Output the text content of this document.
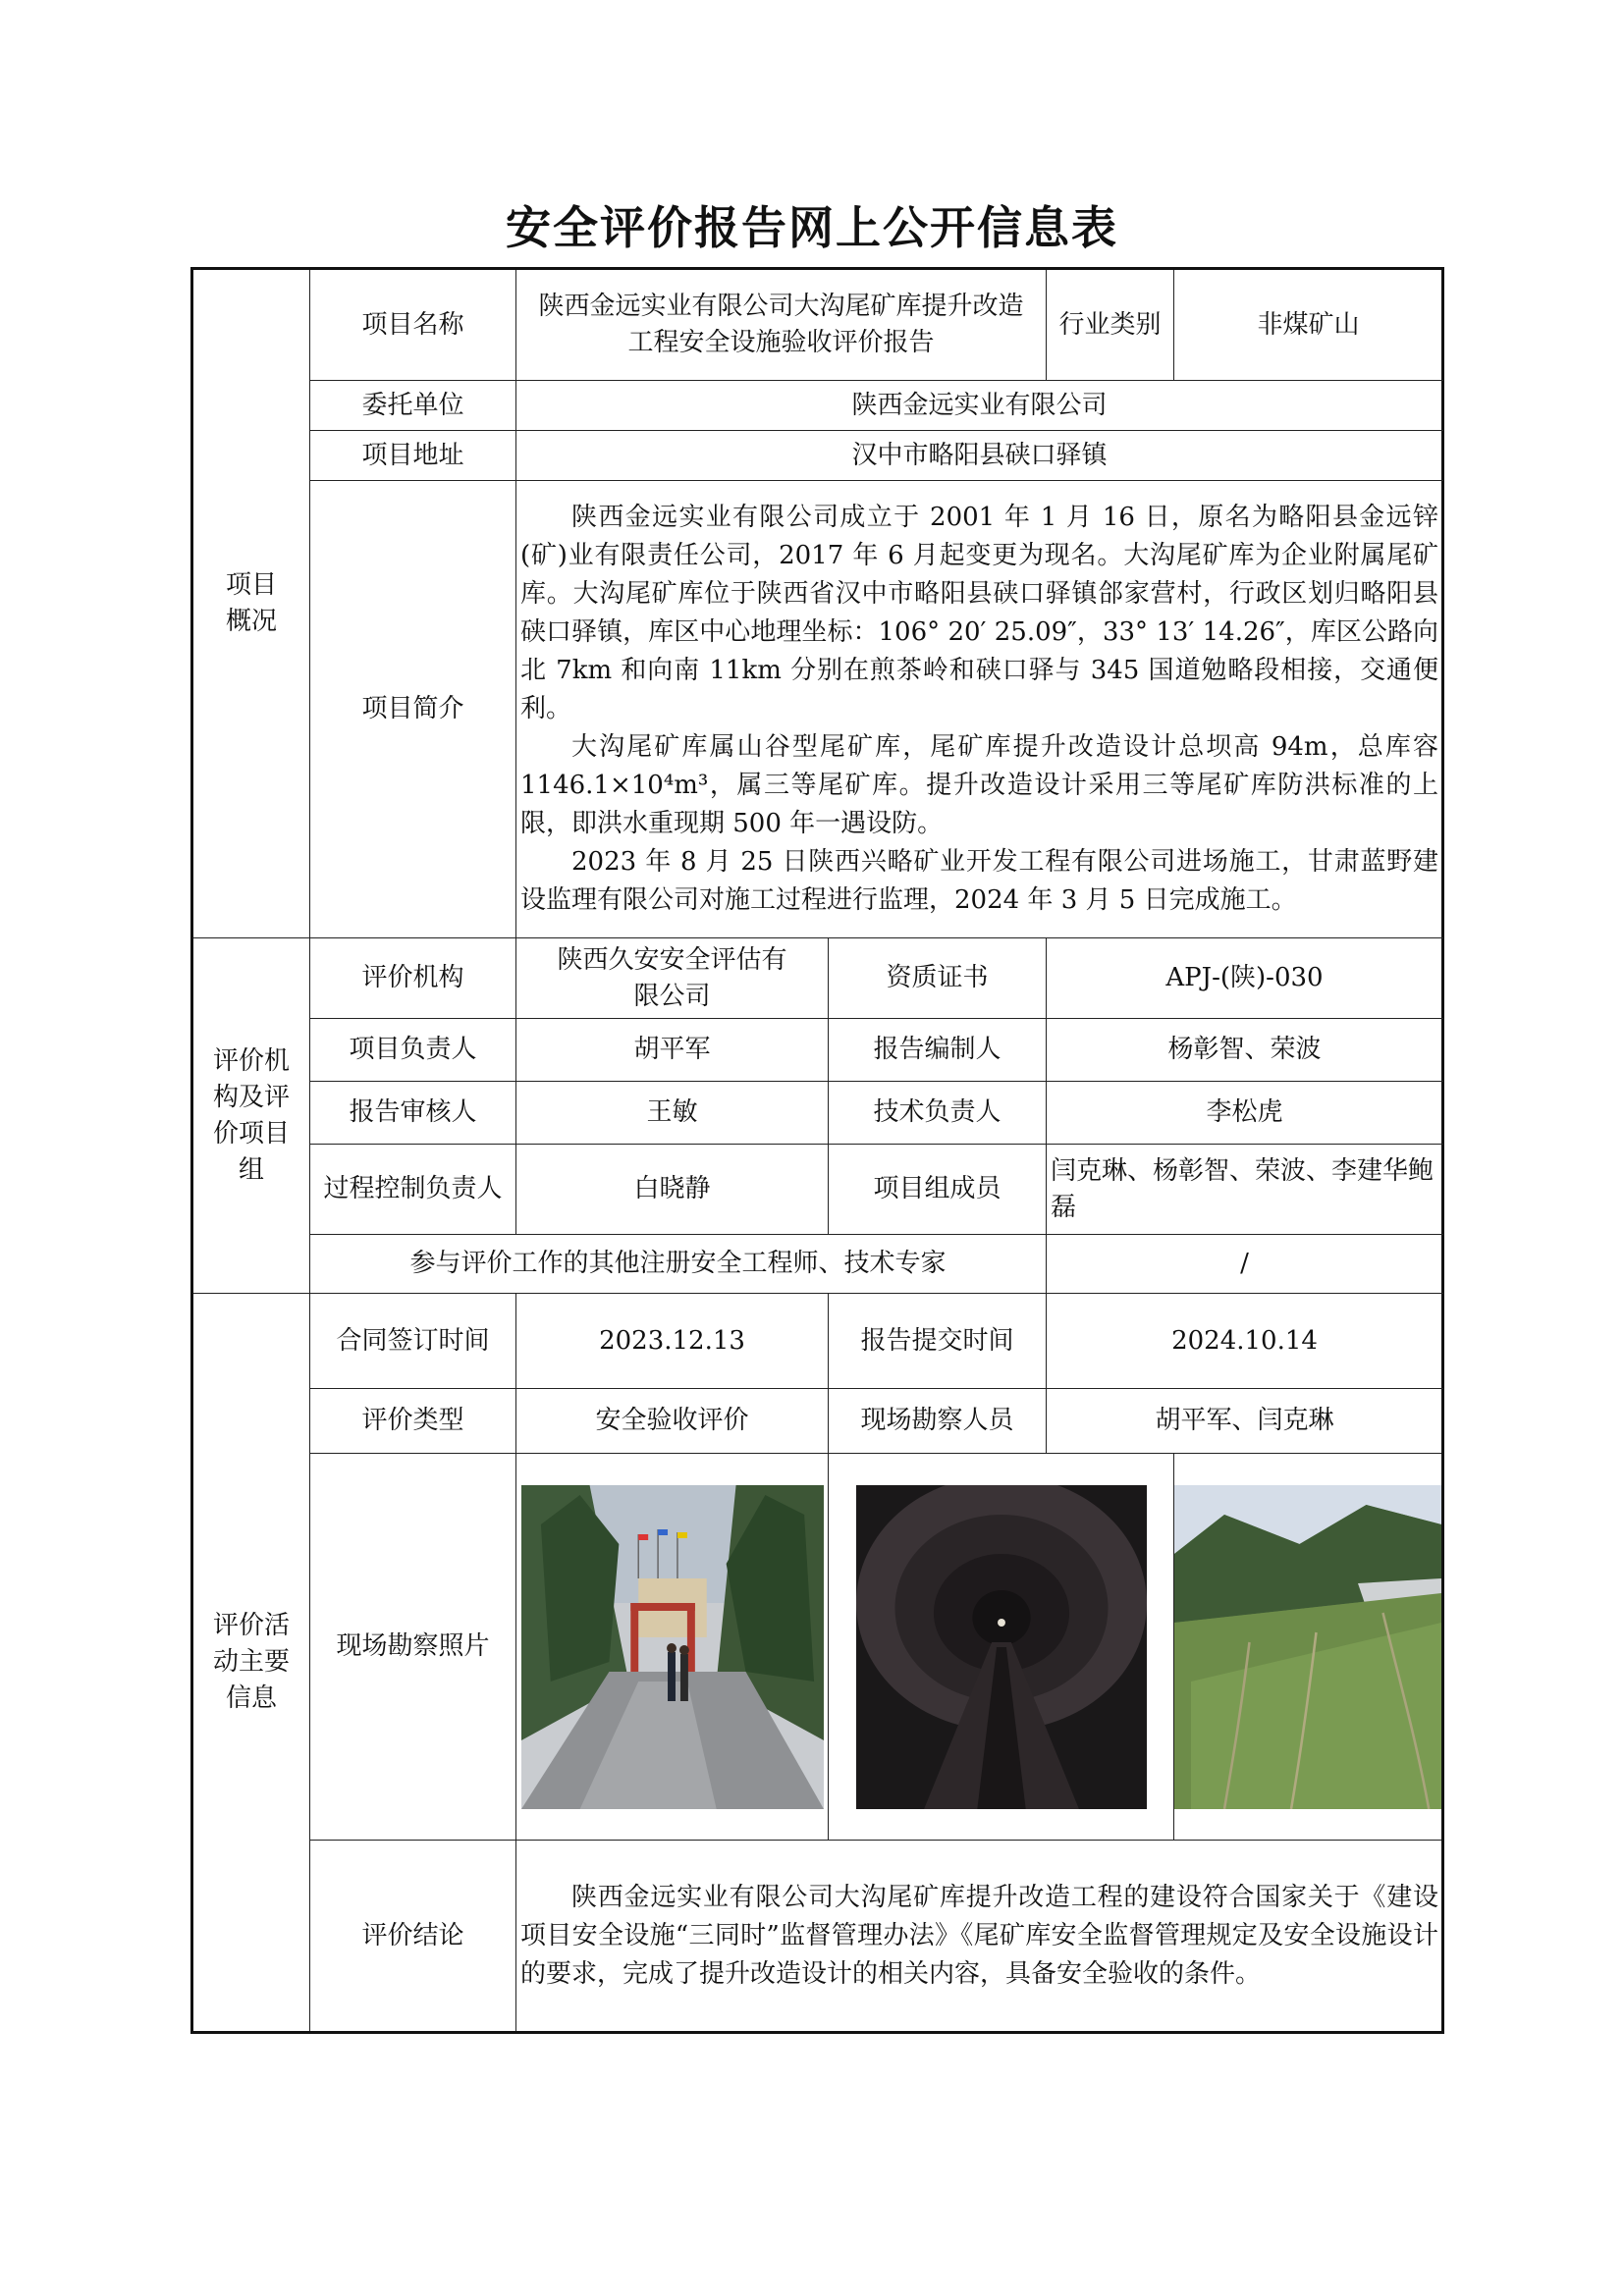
安全评价报告网上公开信息表
项目
概况	项目名称	陕西金远实业有限公司大沟尾矿库提升改造工程安全设施验收评价报告		行业类别	非煤矿山
	委托单位	陕西金远实业有限公司			
	项目地址	汉中市略阳县硖口驿镇			
	项目简介	陕西金远实业有限公司成立于 2001 年 1 月 16 日，原名为略阳县金远锌(矿)业有限责任公司，2017 年 6 月起变更为现名。大沟尾矿库为企业附属尾矿库。大沟尾矿库位于陕西省汉中市略阳县硖口驿镇郃家营村，行政区划归略阳县硖口驿镇，库区中心地理坐标：106° 20′ 25.09″，33° 13′ 14.26″，库区公路向北 7km 和向南 11km 分别在煎茶岭和硖口驿与 345 国道勉略段相接，交通便利。

大沟尾矿库属山谷型尾矿库，尾矿库提升改造设计总坝高 94m，总库容 1146.1×10⁴m³，属三等尾矿库。提升改造设计采用三等尾矿库防洪标准的上限，即洪水重现期 500 年一遇设防。

2023 年 8 月 25 日陕西兴略矿业开发工程有限公司进场施工，甘肃蓝野建设监理有限公司对施工过程进行监理，2024 年 3 月 5 日完成施工。			

评价机
构及评
价项目
组	评价机构	陕西久安安全评估有限公司	资质证书	APJ-(陕)-030	
	项目负责人	胡平军	报告编制人	杨彰智、荣波	
	报告审核人	王敏	技术负责人	李松虎	
	过程控制负责人	白晓静	项目组成员	闫克琳、杨彰智、荣波、李建华鲍磊	
	参与评价工作的其他注册安全工程师、技术专家			/	
评价活
动主要
信息	合同签订时间	2023.12.13	报告提交时间	2024.10.14	
	评价类型	安全验收评价	现场勘察人员	胡平军、闫克琳	
	现场勘察照片	

	评价结论	陕西金远实业有限公司大沟尾矿库提升改造工程的建设符合国家关于《建设项目安全设施“三同时”监督管理办法》《尾矿库安全监督管理规定及安全设施设计的要求，完成了提升改造设计的相关内容，具备安全验收的条件。			
